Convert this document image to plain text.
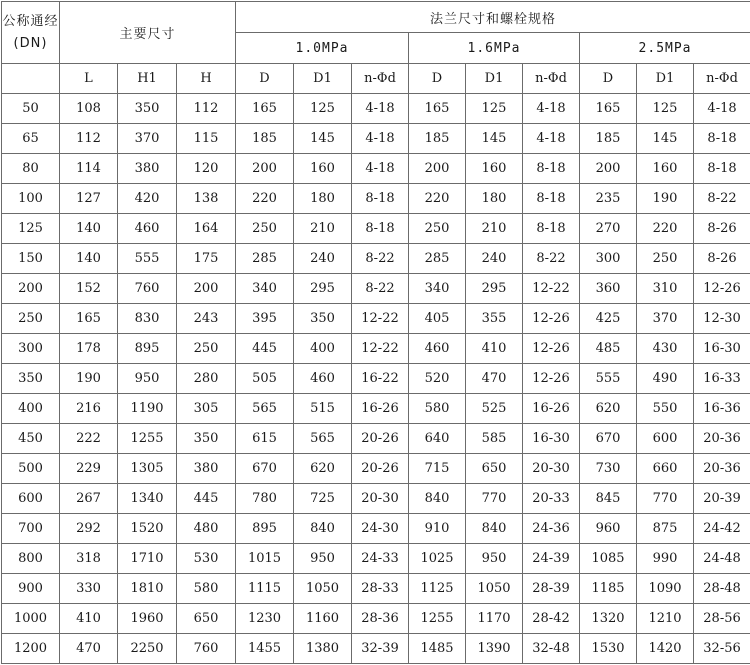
公称通经
(DN)	主要尺寸			法兰尺寸和螺栓规格								
				1.0MPa			1.6MPa			2.5MPa		
	L	H1	H	D	D1	n-Φd	D	D1	n-Φd	D	D1	n-Φd
50	108	350	112	165	125	4-18	165	125	4-18	165	125	4-18
65	112	370	115	185	145	4-18	185	145	4-18	185	145	8-18
80	114	380	120	200	160	4-18	200	160	8-18	200	160	8-18
100	127	420	138	220	180	8-18	220	180	8-18	235	190	8-22
125	140	460	164	250	210	8-18	250	210	8-18	270	220	8-26
150	140	555	175	285	240	8-22	285	240	8-22	300	250	8-26
200	152	760	200	340	295	8-22	340	295	12-22	360	310	12-26
250	165	830	243	395	350	12-22	405	355	12-26	425	370	12-30
300	178	895	250	445	400	12-22	460	410	12-26	485	430	16-30
350	190	950	280	505	460	16-22	520	470	12-26	555	490	16-33
400	216	1190	305	565	515	16-26	580	525	16-26	620	550	16-36
450	222	1255	350	615	565	20-26	640	585	16-30	670	600	20-36
500	229	1305	380	670	620	20-26	715	650	20-30	730	660	20-36
600	267	1340	445	780	725	20-30	840	770	20-33	845	770	20-39
700	292	1520	480	895	840	24-30	910	840	24-36	960	875	24-42
800	318	1710	530	1015	950	24-33	1025	950	24-39	1085	990	24-48
900	330	1810	580	1115	1050	28-33	1125	1050	28-39	1185	1090	28-48
1000	410	1960	650	1230	1160	28-36	1255	1170	28-42	1320	1210	28-56
1200	470	2250	760	1455	1380	32-39	1485	1390	32-48	1530	1420	32-56
